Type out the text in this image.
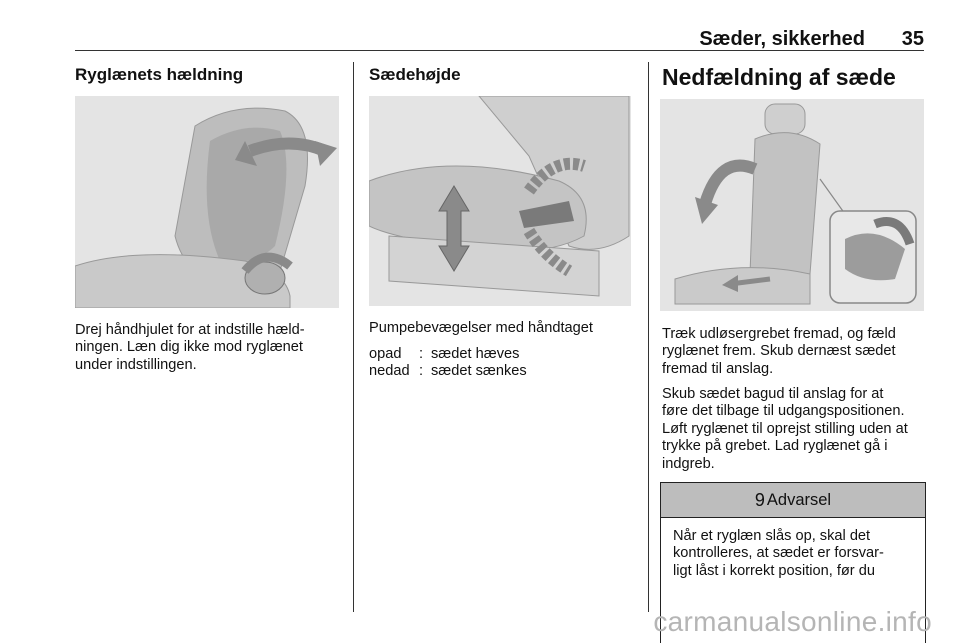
Sæder, sikkerhed 35

Ryglænets hældning

Drej håndhjulet for at indstille hæld-

ningen. Læn dig ikke mod ryglænet

under indstillingen.

Sædehøjde

Pumpebevægelser med håndtaget

opad	: sædet hæves
nedad : sædet sænkes

Nedfældning af sæde

Træk udløsergrebet fremad, og fæld

ryglænet frem. Skub dernæst sædet

fremad til anslag.

Skub sædet bagud til anslag for at

føre det tilbage til udgangspositionen.

Løft ryglænet til oprejst stilling uden at

trykke på grebet. Lad ryglænet gå i

indgreb.

9 Advarsel
Når et ryglæn slås op, skal det
kontrolleres, at sædet er forsvar-
ligt låst i korrekt position, før du
carmanualsonline.info
